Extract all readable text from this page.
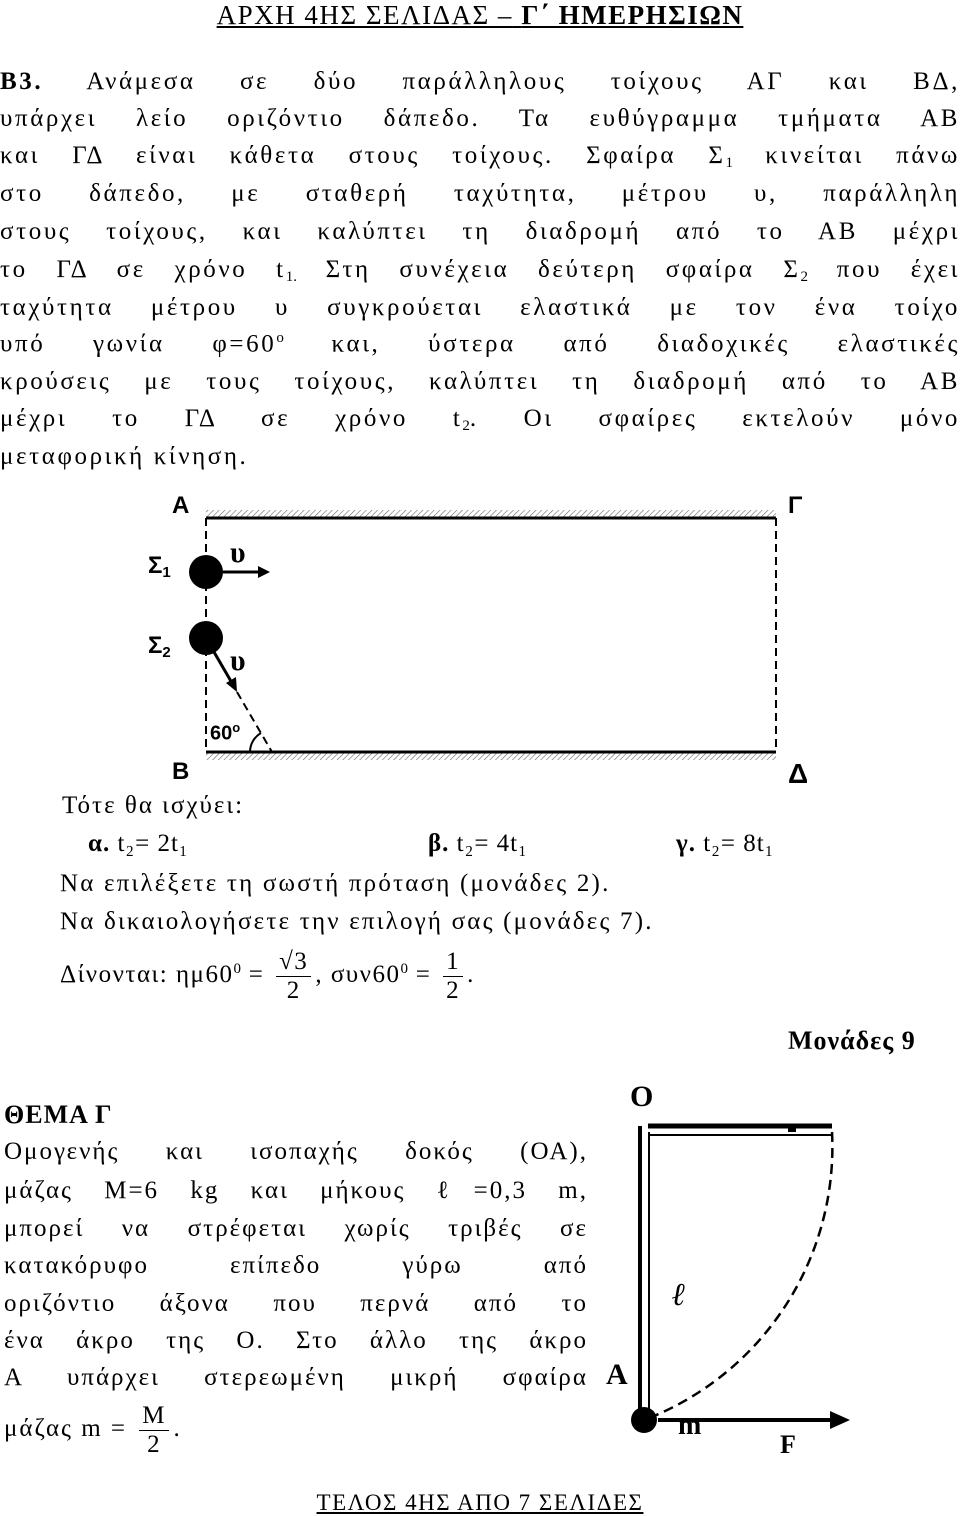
ΑΡΧΗ 4ΗΣ ΣΕΛΙΔΑΣ – Γ΄ ΗΜΕΡΗΣΙΩΝ
Β3. Ανάμεσα σε δύο παράλληλους τοίχους ΑΓ και ΒΔ,
υπάρχει λείο οριζόντιο δάπεδο. Τα ευθύγραμμα τμήματα ΑΒ
και ΓΔ είναι κάθετα στους τοίχους. Σφαίρα $\Sigma_1$ κινείται πάνω
στο δάπεδο, με σταθερή ταχύτητα, μέτρου υ, παράλληλη
στους τοίχους, και καλύπτει τη διαδρομή από το ΑΒ μέχρι
το ΓΔ σε χρόνο $t_{1.}$ Στη συνέχεια δεύτερη σφαίρα $\Sigma_2$ που έχει
ταχύτητα μέτρου υ συγκρούεται ελαστικά με τον ένα τοίχο
υπό γωνία $\varphi=60^o$ και, ύστερα από διαδοχικές ελαστικές
κρούσεις με τους τοίχους, καλύπτει τη διαδρομή από το ΑΒ
μέχρι το ΓΔ σε χρόνο $t_2$. Οι σφαίρες εκτελούν μόνο
μεταφορική κίνηση.
Α	Γ
$\Sigma_1$
υ
$\Sigma_2$ υ
$60^o$
Β	Δ
Τότε θα ισχύει:
α. t₂= 2t₁	β. t₂= 4t₁	γ. t₂= 8t₁
Να επιλέξετε τη σωστή πρόταση (μονάδες 2).
Να δικαιολογήσετε την επιλογή σας (μονάδες 7).
Δίνονται: $\eta\mu 60^0 = \frac{√3}{2}$ , $\sigma\upsilon\nu 60^0 = \frac{1}{2}$ .
Μονάδες 9
ΘΕΜΑ Γ
Ομογενής και ισοπαχής δοκός (ΟΑ),
μάζας Μ=6 kg και μήκους ℓ=0,3 m,
μπορεί να στρέφεται χωρίς τριβές σε
κατακόρυφο επίπεδο γύρω από
οριζόντιο άξονα που περνά από το
ένα άκρο της Ο. Στο άλλο της άκρο
Α υπάρχει στερεωμένη μικρή σφαίρα
μάζας $m = \frac{M}{2}$ .
O
ℓ
A
m
F
ΤΕΛΟΣ 4ΗΣ ΑΠΟ 7 ΣΕΛΙΔΕΣ
